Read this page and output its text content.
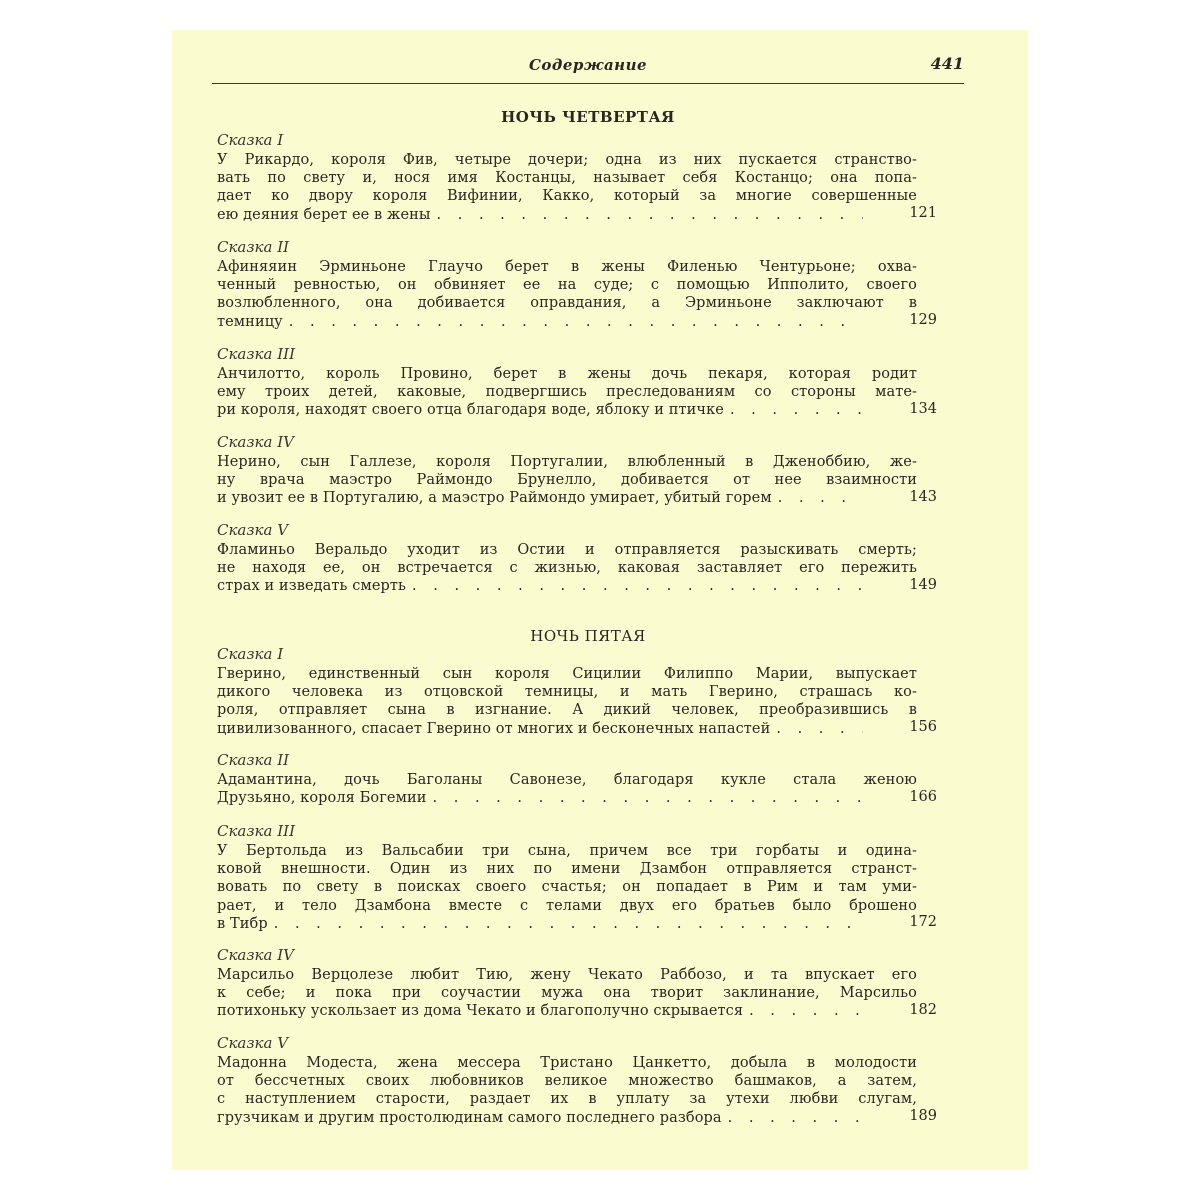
Содержание	441
НОЧЬ ЧЕТВЕРТАЯ
Сказка I
У Рикардо, короля Фив, четыре дочери; одна из них пускается странство-
вать по свету и, нося имя Костанцы, называет себя Костанцо; она попа-
дает ко двору короля Вифинии, Какко, который за многие совершенные
ею деяния берет ее в жены . . .	121
Сказка II
Афиняяин Эрминьоне Глаучо берет в жены Филенью Чентурьоне; охва-
ченный ревностью, он обвиняет ее на суде; с помощью Ипполито, своего
возлюбленного, она добивается оправдания, а Эрминьоне заключают в
темницу . . .	129
Сказка III
Анчилотто, король Провино, берет в жены дочь пекаря, которая родит
ему троих детей, каковые, подвергшись преследованиям со стороны мате-
ри короля, находят своего отца благодаря воде, яблоку и птичке . . .	134
Сказка IV
Нерино, сын Галлезе, короля Португалии, влюбленный в Дженоббию, же-
ну врача маэстро Раймондо Брунелло, добивается от нее взаимности
и увозит ее в Португалию, а маэстро Раймондо умирает, убитый горем . . .	143
Сказка V
Фламиньо Веральдо уходит из Остии и отправляется разыскивать смерть;
не находя ее, он встречается с жизнью, каковая заставляет его пережить
страх и изведать смерть . . .	149
НОЧЬ ПЯТАЯ
Сказка I
Гверино, единственный сын короля Сицилии Филиппо Марии, выпускает
дикого человека из отцовской темницы, и мать Гверино, страшась ко-
роля, отправляет сына в изгнание. А дикий человек, преобразившись в
цивилизованного, спасает Гверино от многих и бесконечных напастей . . .	156
Сказка II
Адамантина, дочь Баголаны Савонезе, благодаря кукле стала женою
Друзьяно, короля Богемии . . .	166
Сказка III
У Бертольда из Вальсабии три сына, причем все три горбаты и одина-
ковой внешности. Один из них по имени Дзамбон отправляется странст-
вовать по свету в поисках своего счастья; он попадает в Рим и там уми-
рает, и тело Дзамбона вместе с телами двух его братьев было брошено
в Тибр . . .	172
Сказка IV
Марсильо Верцолезе любит Тию, жену Чекато Раббозо, и та впускает его
к себе; и пока при соучастии мужа она творит заклинание, Марсильо
потихоньку ускользает из дома Чекато и благополучно скрывается . . .	182
Сказка V
Мадонна Модеста, жена мессера Тристано Цанкетто, добыла в молодости
от бессчетных своих любовников великое множество башмаков, а затем,
с наступлением старости, раздает их в уплату за утехи любви слугам,
грузчикам и другим простолюдинам самого последнего разбора . . .	189
